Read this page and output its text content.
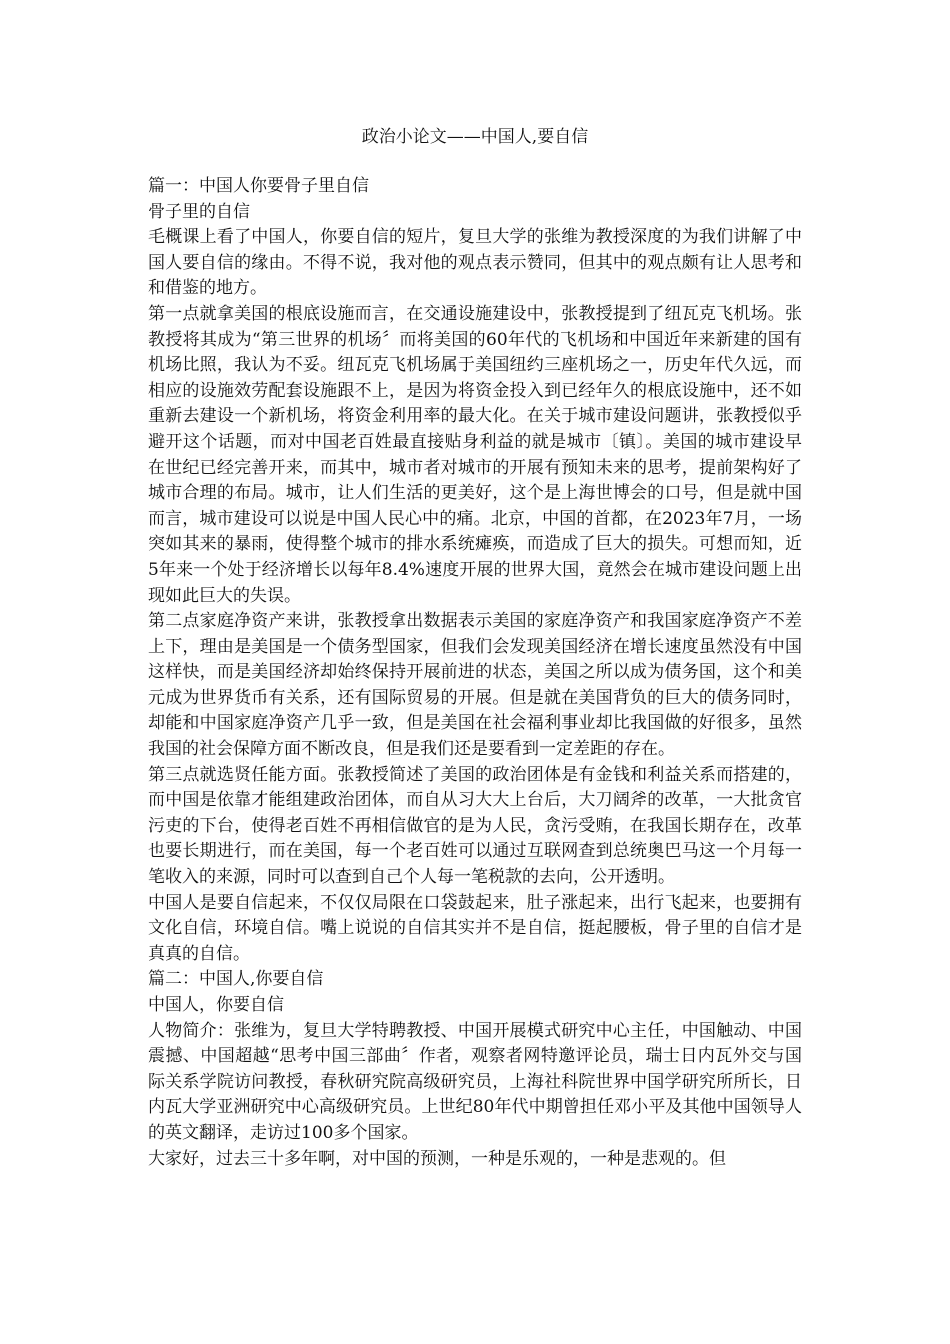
政治小论文——中国人,要自信

篇一：中国人你要骨子里自信

骨子里的自信

毛概课上看了中国人，你要自信的短片，复旦大学的张维为教授深度的为我们讲解了中国人要自信的缘由。不得不说，我对他的观点表示赞同，但其中的观点颇有让人思考和和借鉴的地方。

第一点就拿美国的根底设施而言，在交通设施建设中，张教授提到了纽瓦克飞机场。张教授将其成为“第三世界的机场〞而将美国的60年代的飞机场和中国近年来新建的国有机场比照，我认为不妥。纽瓦克飞机场属于美国纽约三座机场之一，历史年代久远，而相应的设施效劳配套设施跟不上，是因为将资金投入到已经年久的根底设施中，还不如重新去建设一个新机场，将资金利用率的最大化。在关于城市建设问题讲，张教授似乎避开这个话题，而对中国老百姓最直接贴身利益的就是城市〔镇〕。美国的城市建设早在世纪已经完善开来，而其中，城市者对城市的开展有预知未来的思考，提前架构好了城市合理的布局。城市，让人们生活的更美好，这个是上海世博会的口号，但是就中国而言，城市建设可以说是中国人民心中的痛。北京，中国的首都，在2023年7月，一场突如其来的暴雨，使得整个城市的排水系统瘫痪，而造成了巨大的损失。可想而知，近5年来一个处于经济增长以每年8.4%速度开展的世界大国，竟然会在城市建设问题上出现如此巨大的失误。

第二点家庭净资产来讲，张教授拿出数据表示美国的家庭净资产和我国家庭净资产不差上下，理由是美国是一个债务型国家，但我们会发现美国经济在增长速度虽然没有中国这样快，而是美国经济却始终保持开展前进的状态，美国之所以成为债务国，这个和美元成为世界货币有关系，还有国际贸易的开展。但是就在美国背负的巨大的债务同时，却能和中国家庭净资产几乎一致，但是美国在社会福利事业却比我国做的好很多，虽然我国的社会保障方面不断改良，但是我们还是要看到一定差距的存在。

第三点就选贤任能方面。张教授简述了美国的政治团体是有金钱和利益关系而搭建的，而中国是依靠才能组建政治团体，而自从习大大上台后，大刀阔斧的改革，一大批贪官污吏的下台，使得老百姓不再相信做官的是为人民，贪污受贿，在我国长期存在，改革也要长期进行，而在美国，每一个老百姓可以通过互联网查到总统奥巴马这一个月每一笔收入的来源，同时可以查到自己个人每一笔税款的去向，公开透明。

中国人是要自信起来，不仅仅局限在口袋鼓起来，肚子涨起来，出行飞起来，也要拥有文化自信，环境自信。嘴上说说的自信其实并不是自信，挺起腰板，骨子里的自信才是真真的自信。

篇二：中国人,你要自信

中国人，你要自信

人物简介：张维为，复旦大学特聘教授、中国开展模式研究中心主任，中国触动、中国震撼、中国超越“思考中国三部曲〞作者，观察者网特邀评论员，瑞士日内瓦外交与国际关系学院访问教授，春秋研究院高级研究员，上海社科院世界中国学研究所所长，日内瓦大学亚洲研究中心高级研究员。上世纪80年代中期曾担任邓小平及其他中国领导人的英文翻译，走访过100多个国家。

大家好，过去三十多年啊，对中国的预测，一种是乐观的，一种是悲观的。但
